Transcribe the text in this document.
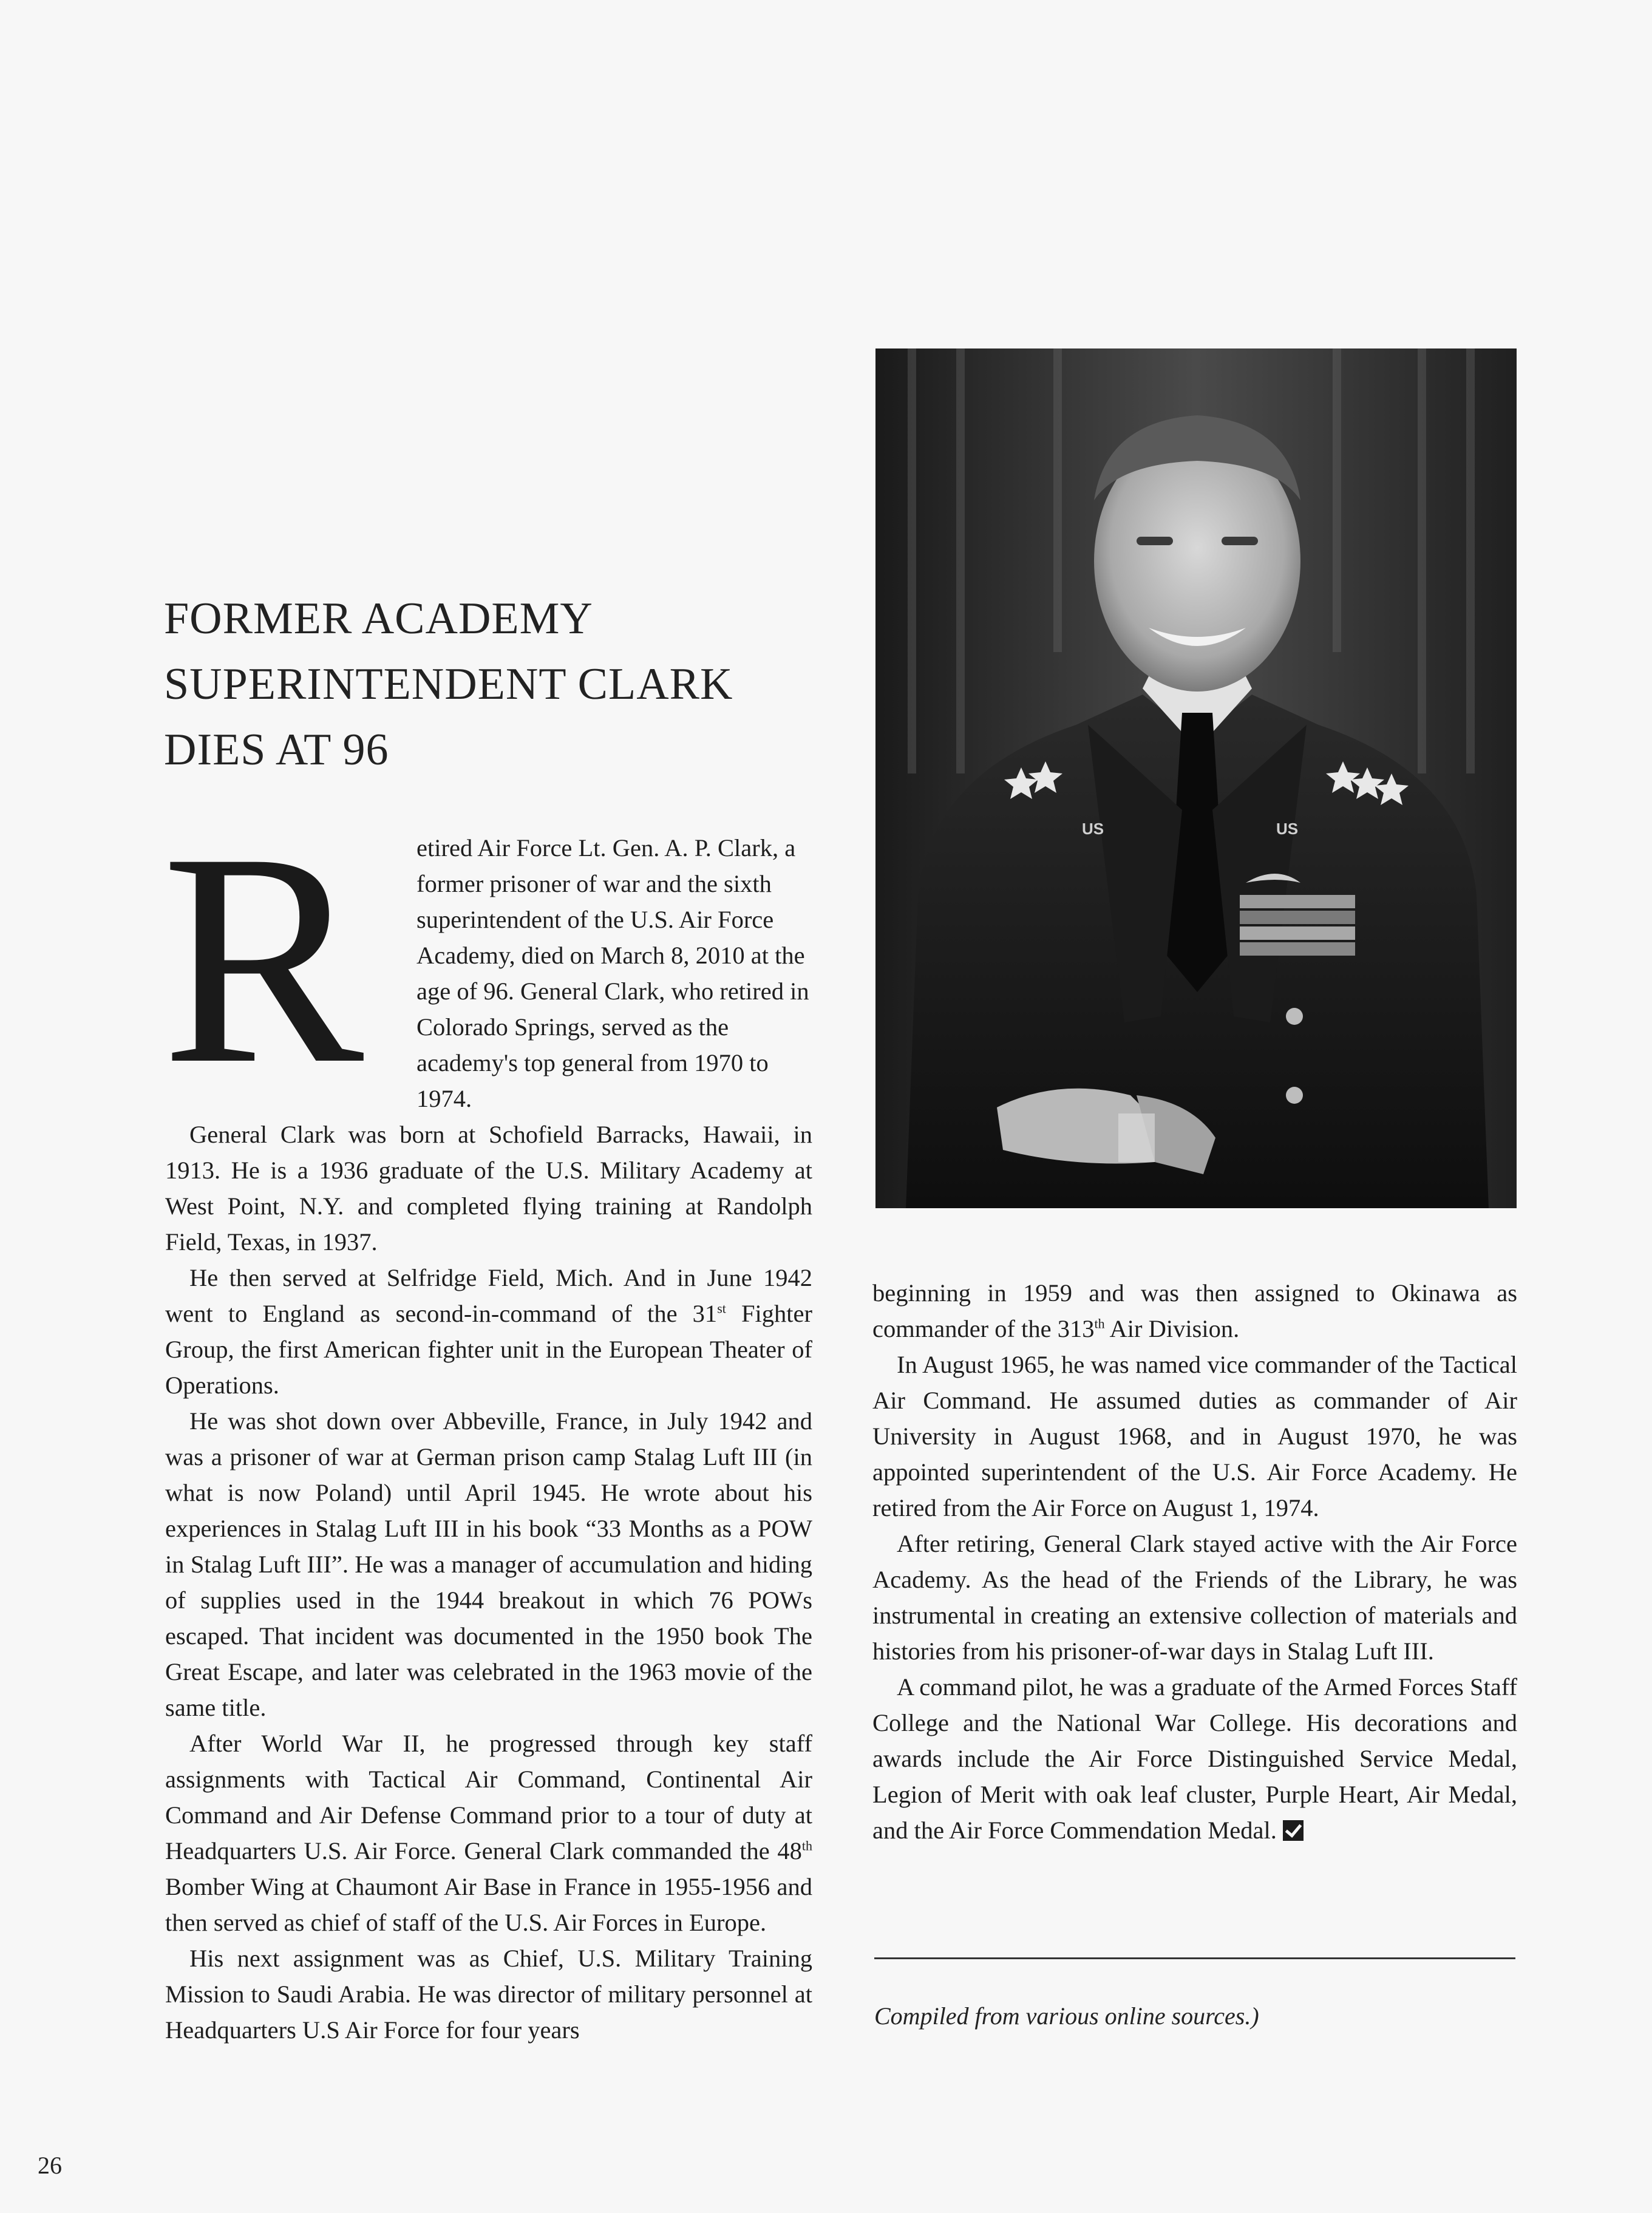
FORMER ACADEMY
SUPERINTENDENT CLARK
DIES AT 96

R	etired Air Force Lt. Gen. A. P. Clark, a former prisoner of war and the sixth superintendent of the U.S. Air Force Academy, died on March 8, 2010 at the age of 96. General Clark, who retired in Colorado Springs, served as the academy's top general from 1970 to 1974.

General Clark was born at Schofield Barracks, Hawaii, in 1913. He is a 1936 graduate of the U.S. Military Academy at West Point, N.Y. and completed flying training at Randolph Field, Texas, in 1937.

He then served at Selfridge Field, Mich. And in June 1942 went to England as second-in-command of the 31st Fighter Group, the first American fighter unit in the European Theater of Operations.

He was shot down over Abbeville, France, in July 1942 and was a prisoner of war at German prison camp Stalag Luft III (in what is now Poland) until April 1945. He wrote about his experiences in Stalag Luft III in his book “33 Months as a POW in Stalag Luft III”. He was a manager of accumulation and hiding of supplies used in the 1944 breakout in which 76 POWs escaped. That incident was documented in the 1950 book The Great Escape, and later was celebrated in the 1963 movie of the same title.

After World War II, he progressed through key staff assignments with Tactical Air Command, Continental Air Command and Air Defense Command prior to a tour of duty at Headquarters U.S. Air Force. General Clark commanded the 48th Bomber Wing at Chaumont Air Base in France in 1955-1956 and then served as chief of staff of the U.S. Air Forces in Europe.

His next assignment was as Chief, U.S. Military Training Mission to Saudi Arabia. He was director of military personnel at Headquarters U.S Air Force for four years

US	US

beginning in 1959 and was then assigned to Okinawa as commander of the 313th Air Division.

In August 1965, he was named vice commander of the Tactical Air Command. He assumed duties as commander of Air University in August 1968, and in August 1970, he was appointed superintendent of the U.S. Air Force Academy. He retired from the Air Force on August 1, 1974.

After retiring, General Clark stayed active with the Air Force Academy. As the head of the Friends of the Library, he was instrumental in creating an extensive collection of materials and histories from his prisoner-of-war days in Stalag Luft III.

A command pilot, he was a graduate of the Armed Forces Staff College and the National War College. His decorations and awards include the Air Force Distinguished Service Medal, Legion of Merit with oak leaf cluster, Purple Heart, Air Medal, and the Air Force Commendation Medal.

Compiled from various online sources.)
26
